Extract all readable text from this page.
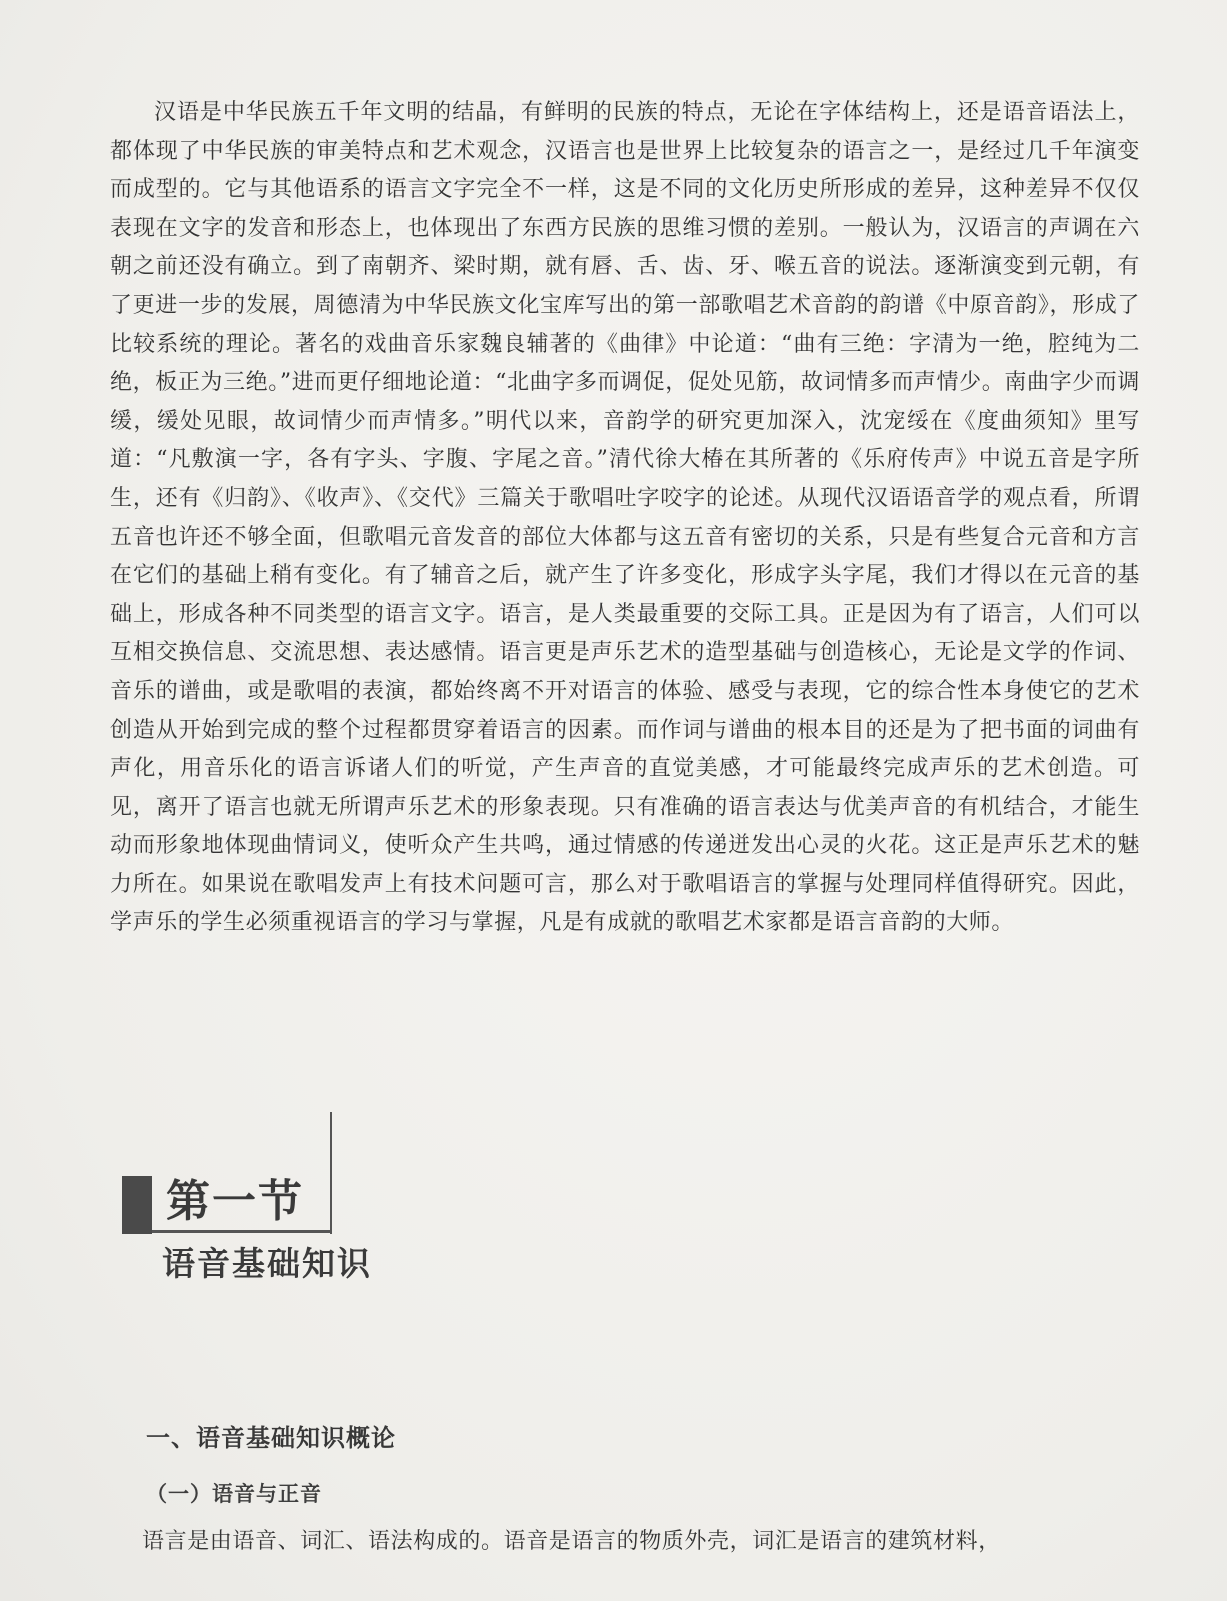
汉语是中华民族五千年文明的结晶，有鲜明的民族的特点，无论在字体结构上，还是语音语法上，都体现了中华民族的审美特点和艺术观念，汉语言也是世界上比较复杂的语言之一，是经过几千年演变而成型的。它与其他语系的语言文字完全不一样，这是不同的文化历史所形成的差异，这种差异不仅仅表现在文字的发音和形态上，也体现出了东西方民族的思维习惯的差别。一般认为，汉语言的声调在六朝之前还没有确立。到了南朝齐、梁时期，就有唇、舌、齿、牙、喉五音的说法。逐渐演变到元朝，有了更进一步的发展，周德清为中华民族文化宝库写出的第一部歌唱艺术音韵的韵谱《中原音韵》，形成了比较系统的理论。著名的戏曲音乐家魏良辅著的《曲律》中论道：“曲有三绝：字清为一绝，腔纯为二绝，板正为三绝。”进而更仔细地论道：“北曲字多而调促，促处见筋，故词情多而声情少。南曲字少而调缓，缓处见眼，故词情少而声情多。”明代以来，音韵学的研究更加深入，沈宠绥在《度曲须知》里写道：“凡敷演一字，各有字头、字腹、字尾之音。”清代徐大椿在其所著的《乐府传声》中说五音是字所生，还有《归韵》、《收声》、《交代》三篇关于歌唱吐字咬字的论述。从现代汉语语音学的观点看，所谓五音也许还不够全面，但歌唱元音发音的部位大体都与这五音有密切的关系，只是有些复合元音和方言在它们的基础上稍有变化。有了辅音之后，就产生了许多变化，形成字头字尾，我们才得以在元音的基础上，形成各种不同类型的语言文字。语言，是人类最重要的交际工具。正是因为有了语言，人们可以互相交换信息、交流思想、表达感情。语言更是声乐艺术的造型基础与创造核心，无论是文学的作词、音乐的谱曲，或是歌唱的表演，都始终离不开对语言的体验、感受与表现，它的综合性本身使它的艺术创造从开始到完成的整个过程都贯穿着语言的因素。而作词与谱曲的根本目的还是为了把书面的词曲有声化，用音乐化的语言诉诸人们的听觉，产生声音的直觉美感，才可能最终完成声乐的艺术创造。可见，离开了语言也就无所谓声乐艺术的形象表现。只有准确的语言表达与优美声音的有机结合，才能生动而形象地体现曲情词义，使听众产生共鸣，通过情感的传递迸发出心灵的火花。这正是声乐艺术的魅力所在。如果说在歌唱发声上有技术问题可言，那么对于歌唱语言的掌握与处理同样值得研究。因此，学声乐的学生必须重视语言的学习与掌握，凡是有成就的歌唱艺术家都是语言音韵的大师。

第一节
语音基础知识
一、语音基础知识概论
（一）语音与正音

语言是由语音、词汇、语法构成的。语音是语言的物质外壳，词汇是语言的建筑材料，
